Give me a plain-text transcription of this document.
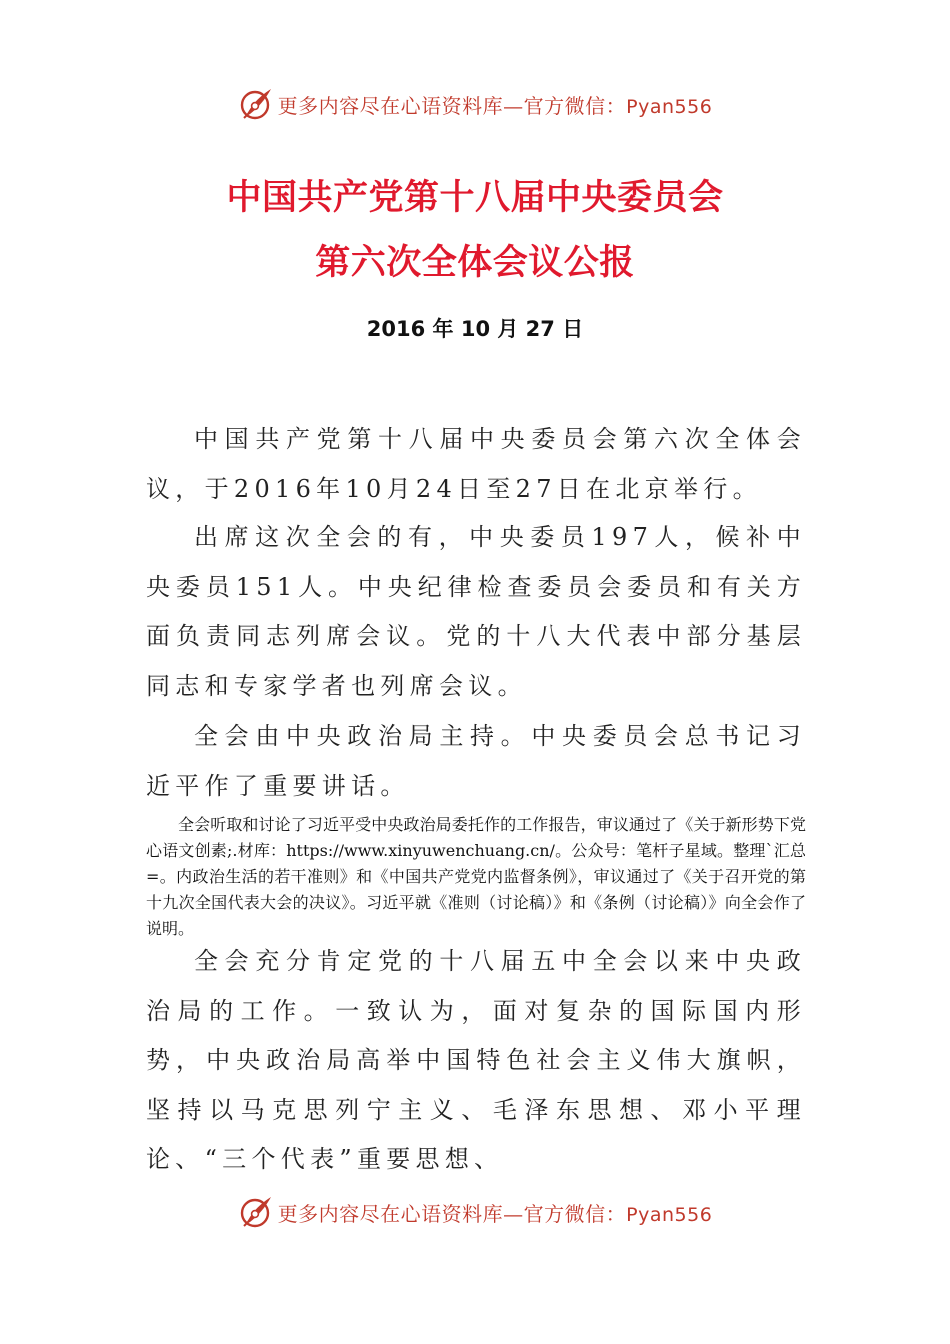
更多内容尽在心语资料库—官方微信：Pyan556
中国共产党第十八届中央委员会
第六次全体会议公报
2016 年 10 月 27 日

中国共产党第十八届中央委员会第六次全体会议，于2016年10月24日至27日在北京举行。

出席这次全会的有，中央委员197人，候补中央委员151人。中央纪律检查委员会委员和有关方面负责同志列席会议。党的十八大代表中部分基层同志和专家学者也列席会议。

全会由中央政治局主持。中央委员会总书记习近平作了重要讲话。

全会听取和讨论了习近平受中央政治局委托作的工作报告，审议通过了《关于新形势下党心语文创素;.材库：https://www.xinyuwenchuang.cn/。公众号：笔杆子星域。整理`汇总=。内政治生活的若干准则》和《中国共产党党内监督条例》，审议通过了《关于召开党的第十九次全国代表大会的决议》。习近平就《准则（讨论稿）》和《条例（讨论稿）》向全会作了说明。

全会充分肯定党的十八届五中全会以来中央政治局的工作。一致认为，面对复杂的国际国内形势，中央政治局高举中国特色社会主义伟大旗帜，坚持以马克思列宁主义、毛泽东思想、邓小平理论、“三个代表”重要思想、

更多内容尽在心语资料库—官方微信：Pyan556
